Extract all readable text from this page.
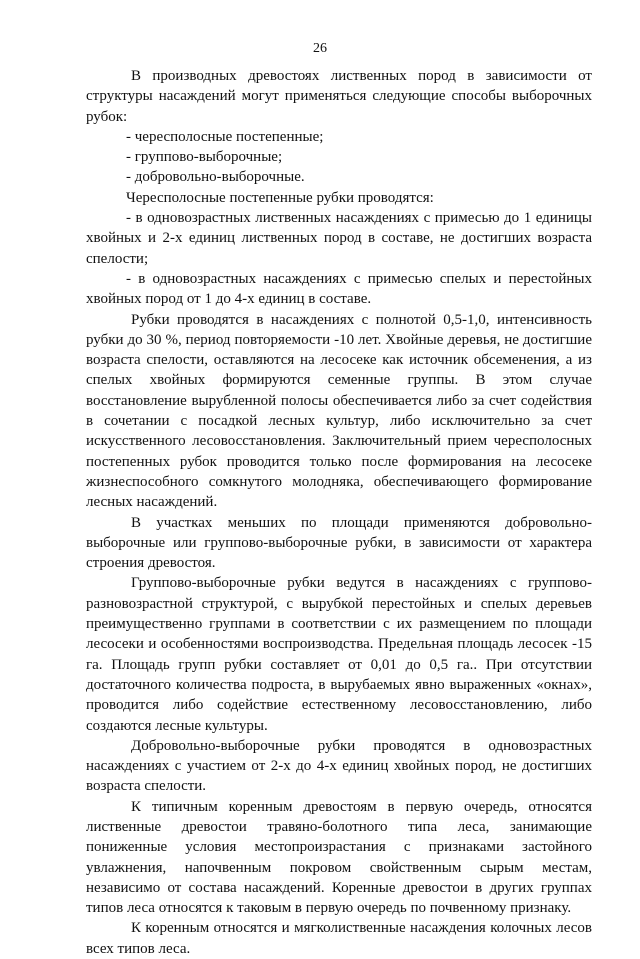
26

В производных древостоях лиственных пород в зависимости от структуры насаждений могут применяться следующие способы выборочных рубок:

- чересполосные постепенные;

- группово-выборочные;

- добровольно-выборочные.

Чересполосные постепенные рубки проводятся:

- в одновозрастных лиственных насаждениях с примесью до 1 единицы хвойных и 2-х единиц лиственных пород в составе, не достигших возраста спелости;

- в одновозрастных насаждениях с примесью спелых и перестойных хвойных пород от 1 до 4-х единиц в составе.

Рубки проводятся в насаждениях с полнотой 0,5-1,0, интенсивность рубки до 30 %, период повторяемости -10 лет. Хвойные деревья, не достигшие возраста спелости, оставляются на лесосеке как источник обсеменения, а из спелых хвойных формируются семенные группы. В этом случае восстановление вырубленной полосы обеспечивается либо за счет содействия в сочетании с посадкой лесных культур, либо исключительно за счет искусственного лесовосстановления. Заключительный прием чересполосных постепенных рубок проводится только после формирования на лесосеке жизнеспособного сомкнутого молодняка, обеспечивающего формирование лесных насаждений.

В участках меньших по площади применяются добровольно-выборочные или группово-выборочные рубки, в зависимости от характера строения древостоя.

Группово-выборочные рубки ведутся в насаждениях с группово-разновозрастной структурой, с вырубкой перестойных и спелых деревьев преимущественно группами в соответствии с их размещением по площади лесосеки и особенностями воспроизводства. Предельная площадь лесосек -15 га. Площадь групп рубки составляет от 0,01 до 0,5 га.. При отсутствии достаточного количества подроста, в вырубаемых явно выраженных «окнах», проводится либо содействие естественному лесовосстановлению, либо создаются лесные культуры.

Добровольно-выборочные рубки проводятся в одновозрастных насаждениях с участием от 2-х до 4-х единиц хвойных пород, не достигших возраста спелости.

К типичным коренным древостоям в первую очередь, относятся лиственные древостои травяно-болотного типа леса, занимающие пониженные условия местопроизрастания с признаками застойного увлажнения, напочвенным покровом свойственным сырым местам, независимо от состава насаждений. Коренные древостои в других группах типов леса относятся к таковым в первую очередь по почвенному признаку.

К коренным относятся и мягколиственные насаждения колочных лесов всех типов леса.
